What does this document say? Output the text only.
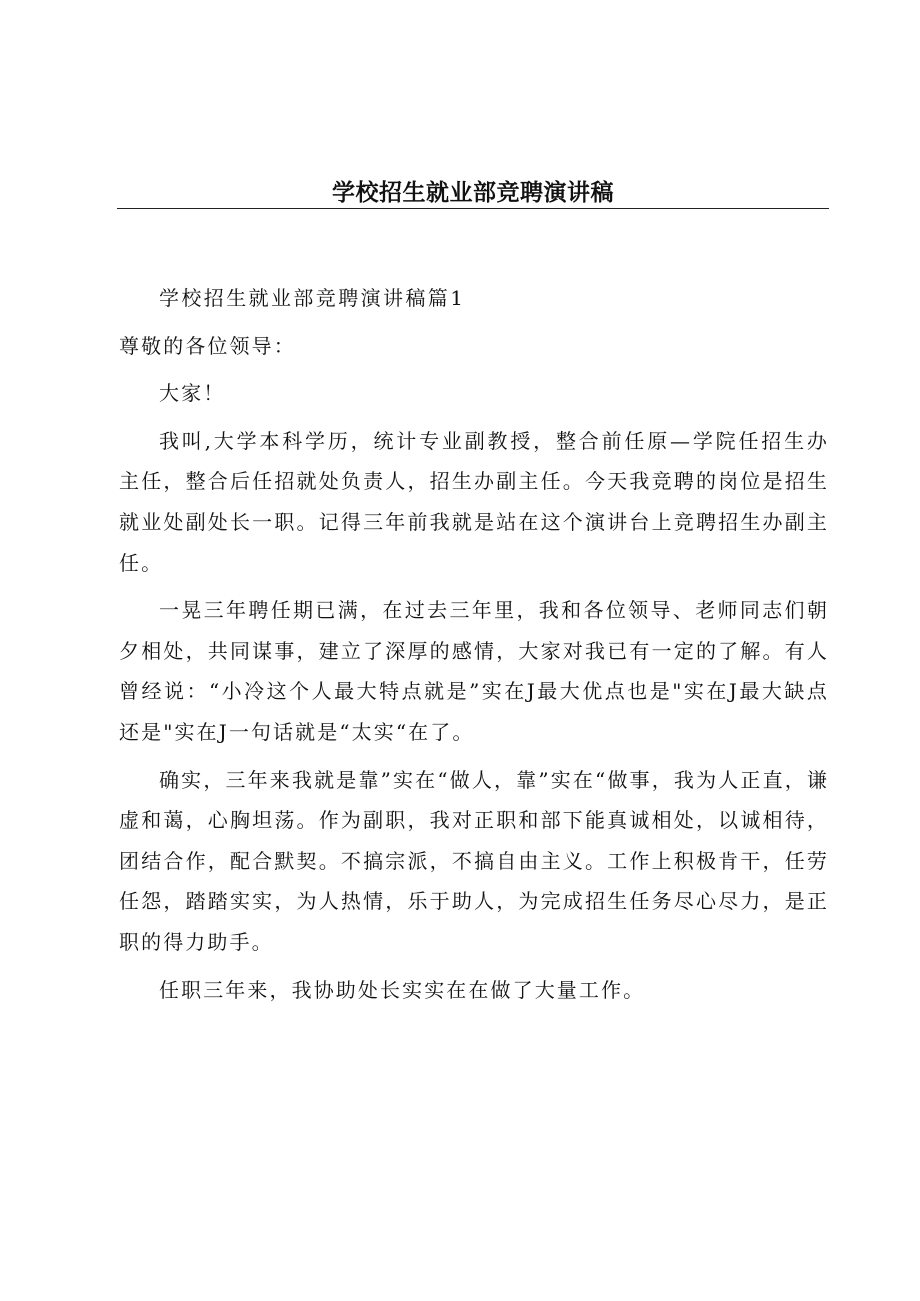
学校招生就业部竞聘演讲稿

学校招生就业部竞聘演讲稿篇1

尊敬的各位领导：

大家！

我叫,大学本科学历，统计专业副教授，整合前任原—学院任招生办主任，整合后任招就处负责人，招生办副主任。今天我竞聘的岗位是招生就业处副处长一职。记得三年前我就是站在这个演讲台上竞聘招生办副主任。

一晃三年聘任期已满，在过去三年里，我和各位领导、老师同志们朝夕相处，共同谋事，建立了深厚的感情，大家对我已有一定的了解。有人曾经说：“小冷这个人最大特点就是”实在J最大优点也是"实在J最大缺点还是"实在J一句话就是“太实“在了。

确实，三年来我就是靠”实在“做人，靠”实在“做事，我为人正直，谦虚和蔼，心胸坦荡。作为副职，我对正职和部下能真诚相处，以诚相待，团结合作，配合默契。不搞宗派，不搞自由主义。工作上积极肯干，任劳任怨，踏踏实实，为人热情，乐于助人，为完成招生任务尽心尽力，是正职的得力助手。

任职三年来，我协助处长实实在在做了大量工作。
